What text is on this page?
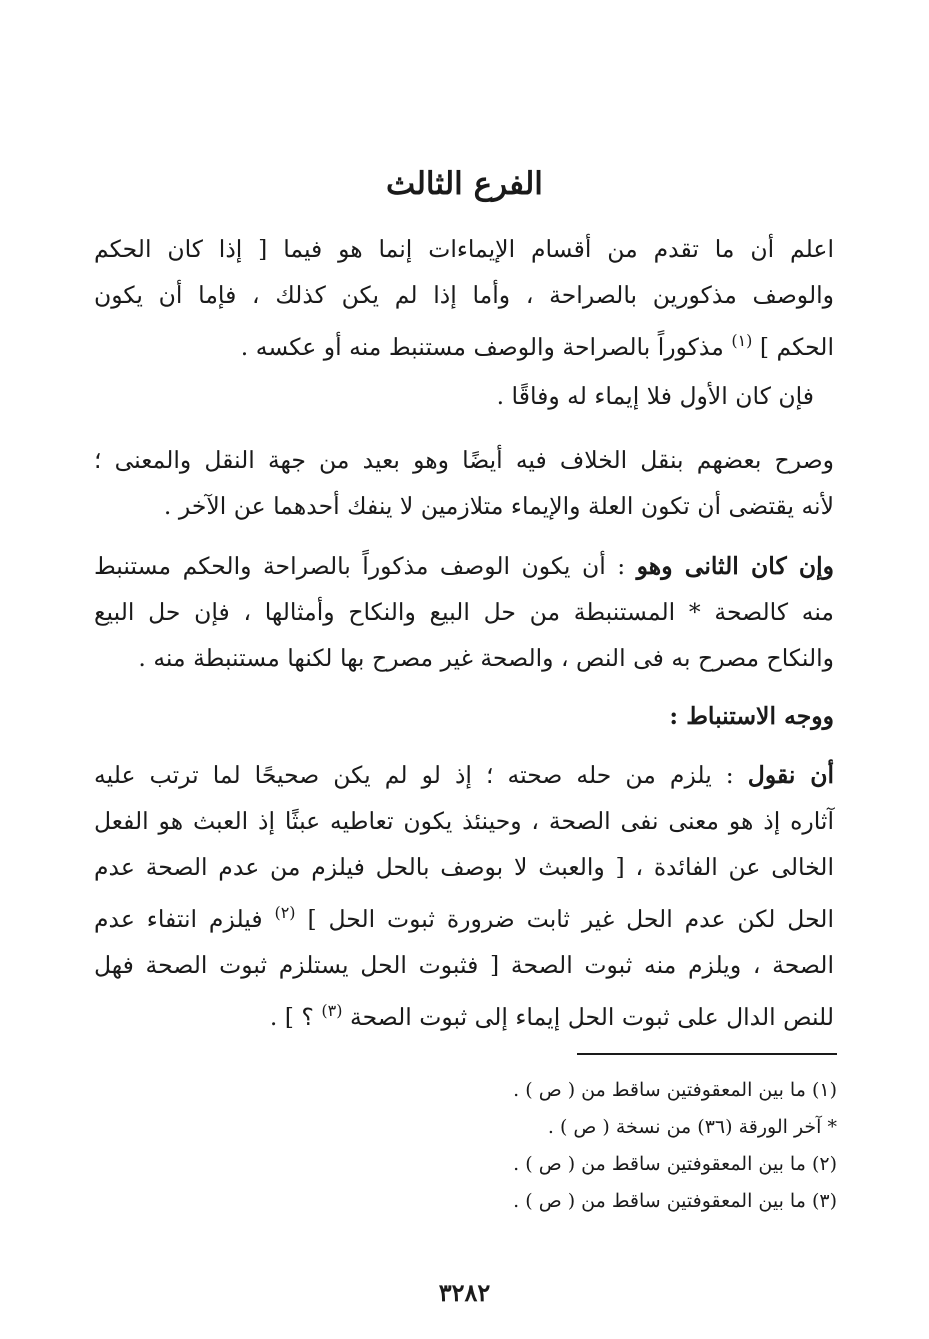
الفرع الثالث
اعلم أن ما تقدم من أقسام الإيماءات إنما هو فيما [ إذا كان الحكم
والوصف مذكورين بالصراحة ، وأما إذا لم يكن كذلك ، فإما أن يكون
الحكم ] $^{(١)}$ مذكوراً بالصراحة والوصف مستنبط منه أو عكسه .
فإن كان الأول فلا إيماء له وفاقًا .
وصرح بعضهم بنقل الخلاف فيه أيضًا وهو بعيد من جهة النقل والمعنى ؛
لأنه يقتضى أن تكون العلة والإيماء متلازمين لا ينفك أحدهما عن الآخر .
وإن كان الثانى وهو : أن يكون الوصف مذكوراً بالصراحة والحكم مستنبط
منه كالصحة * المستنبطة من حل البيع والنكاح وأمثالها ، فإن حل البيع
والنكاح مصرح به فى النص ، والصحة غير مصرح بها لكنها مستنبطة منه .
ووجه الاستنباط :
أن نقول : يلزم من حله صحته ؛ إذ لو لم يكن صحيحًا لما ترتب عليه
آثاره إذ هو معنى نفى الصحة ، وحينئذ يكون تعاطيه عبثًا إذ العبث هو الفعل
الخالى عن الفائدة ، [ والعبث لا بوصف بالحل فيلزم من عدم الصحة عدم
الحل لكن عدم الحل غير ثابت ضرورة ثبوت الحل ] $^{(٢)}$ فيلزم انتفاء عدم
الصحة ، ويلزم منه ثبوت الصحة [ فثبوت الحل يستلزم ثبوت الصحة فهل
للنص الدال على ثبوت الحل إيماء إلى ثبوت الصحة $^{(٣)}$ ؟ ] .
(١) ما بين المعقوفتين ساقط من ( ص ) .
* آخر الورقة (٣٦) من نسخة ( ص ) .
(٢) ما بين المعقوفتين ساقط من ( ص ) .
(٣) ما بين المعقوفتين ساقط من ( ص ) .
٣٢٨٢
